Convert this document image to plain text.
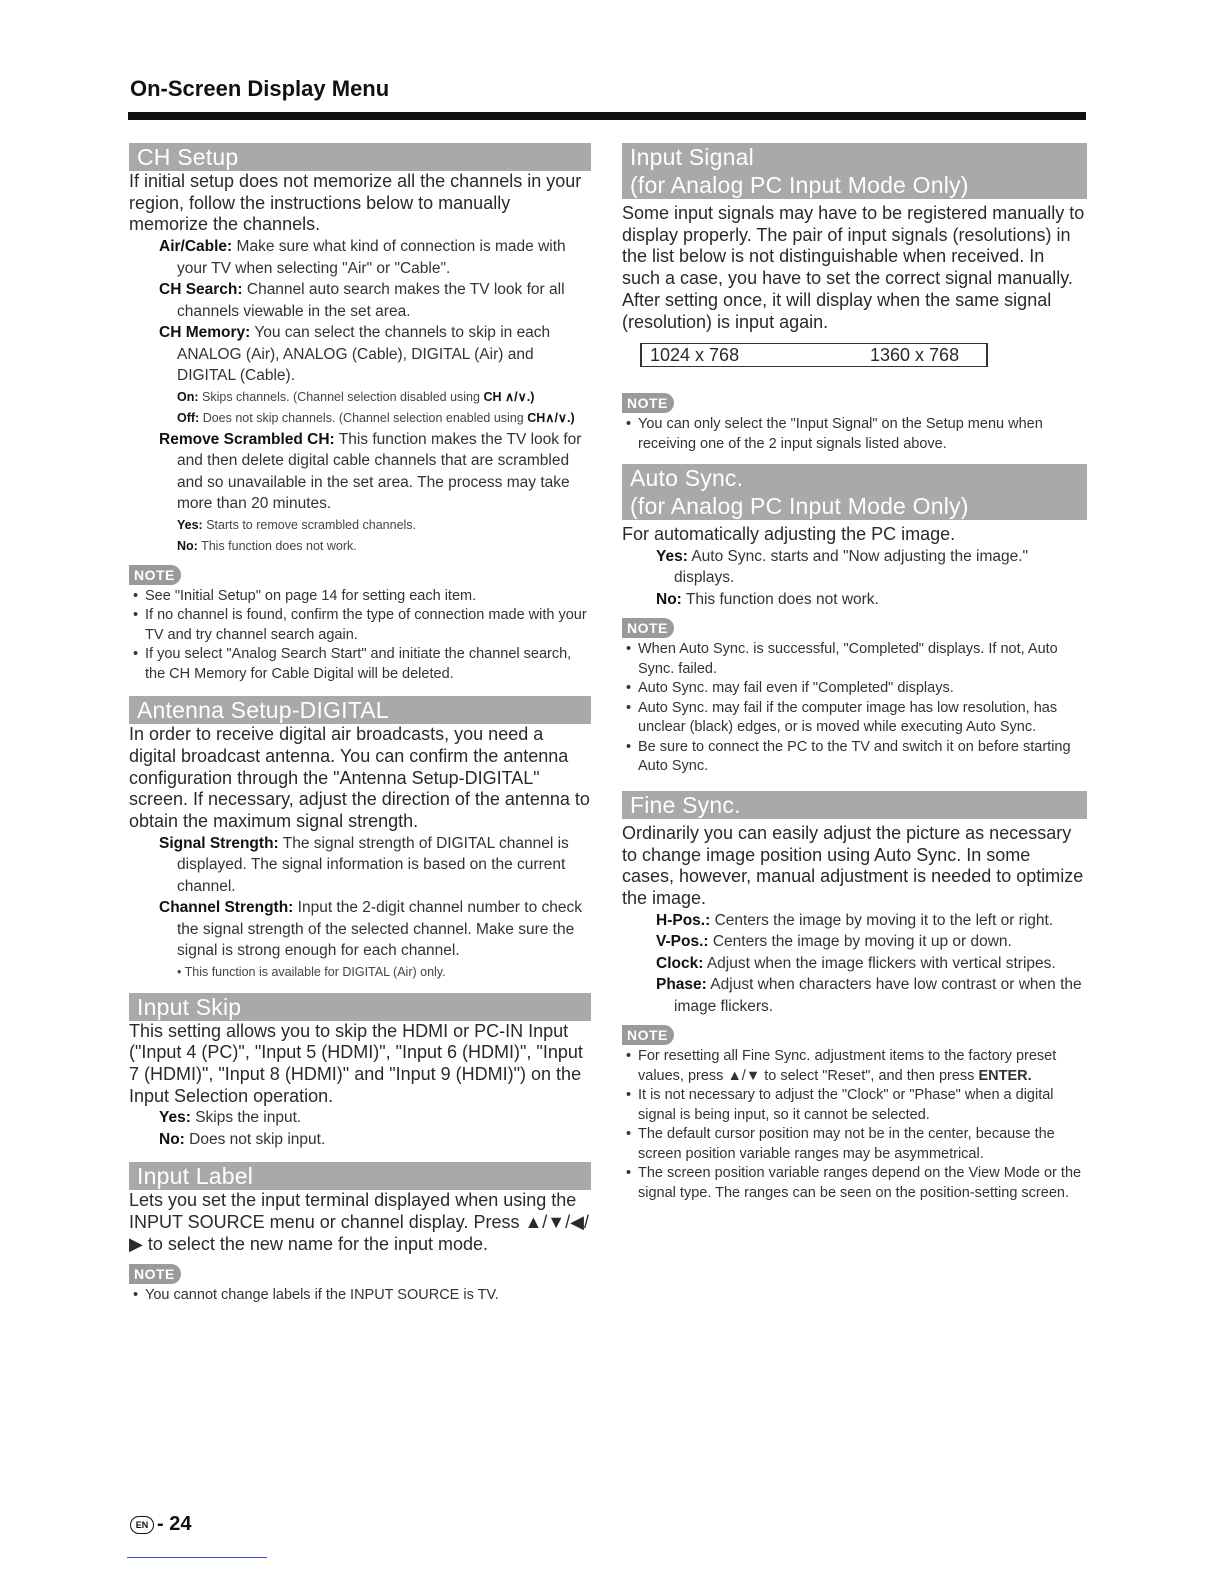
On-Screen Display Menu
CH Setup

If initial setup does not memorize all the channels in your region, follow the instructions below to manually memorize the channels.

Air/Cable: Make sure what kind of connection is made with your TV when selecting "Air" or "Cable".

CH Search: Channel auto search makes the TV look for all channels viewable in the set area.

CH Memory: You can select the channels to skip in each ANALOG (Air), ANALOG (Cable), DIGITAL (Air) and DIGITAL (Cable).

On: Skips channels. (Channel selection disabled using CH ∧/∨.)

Off: Does not skip channels. (Channel selection enabled using CH∧/∨.)

Remove Scrambled CH: This function makes the TV look for and then delete digital cable channels that are scrambled and so unavailable in the set area. The process may take more than 20 minutes.

Yes: Starts to remove scrambled channels.

No: This function does not work.

NOTE

• See "Initial Setup" on page 14 for setting each item.

• If no channel is found, confirm the type of connection made with your TV and try channel search again.

• If you select "Analog Search Start" and initiate the channel search, the CH Memory for Cable Digital will be deleted.

Antenna Setup-DIGITAL

In order to receive digital air broadcasts, you need a digital broadcast antenna. You can confirm the antenna configuration through the "Antenna Setup-DIGITAL" screen. If necessary, adjust the direction of the antenna to obtain the maximum signal strength.

Signal Strength: The signal strength of DIGITAL channel is displayed. The signal information is based on the current channel.

Channel Strength: Input the 2-digit channel number to check the signal strength of the selected channel. Make sure the signal is strong enough for each channel.

• This function is available for DIGITAL (Air) only.

Input Skip

This setting allows you to skip the HDMI or PC-IN Input ("Input 4 (PC)", "Input 5 (HDMI)", "Input 6 (HDMI)", "Input 7 (HDMI)", "Input 8 (HDMI)" and "Input 9 (HDMI)") on the Input Selection operation.

Yes: Skips the input.

No: Does not skip input.

Input Label

Lets you set the input terminal displayed when using the INPUT SOURCE menu or channel display. Press ▲/▼/◀/▶ to select the new name for the input mode.

NOTE

• You cannot change labels if the INPUT SOURCE is TV.

Input Signal
(for Analog PC Input Mode Only)

Some input signals may have to be registered manually to display properly. The pair of input signals (resolutions) in the list below is not distinguishable when received. In such a case, you have to set the correct signal manually. After setting once, it will display when the same signal (resolution) is input again.

1024 x 768	1360 x 768
NOTE

• You can only select the "Input Signal" on the Setup menu when receiving one of the 2 input signals listed above.

Auto Sync.
(for Analog PC Input Mode Only)

For automatically adjusting the PC image.

Yes: Auto Sync. starts and "Now adjusting the image." displays.

No: This function does not work.

NOTE

• When Auto Sync. is successful, "Completed" displays. If not, Auto Sync. failed.

• Auto Sync. may fail even if "Completed" displays.

• Auto Sync. may fail if the computer image has low resolution, has unclear (black) edges, or is moved while executing Auto Sync.

• Be sure to connect the PC to the TV and switch it on before starting Auto Sync.

Fine Sync.

Ordinarily you can easily adjust the picture as necessary to change image position using Auto Sync. In some cases, however, manual adjustment is needed to optimize the image.

H-Pos.: Centers the image by moving it to the left or right.

V-Pos.: Centers the image by moving it up or down.

Clock: Adjust when the image flickers with vertical stripes.

Phase: Adjust when characters have low contrast or when the image flickers.

NOTE

• For resetting all Fine Sync. adjustment items to the factory preset values, press ▲/▼ to select "Reset", and then press ENTER.

• It is not necessary to adjust the "Clock" or "Phase" when a digital signal is being input, so it cannot be selected.

• The default cursor position may not be in the center, because the screen position variable ranges may be asymmetrical.

• The screen position variable ranges depend on the View Mode or the signal type. The ranges can be seen on the position-setting screen.

EN - 24
